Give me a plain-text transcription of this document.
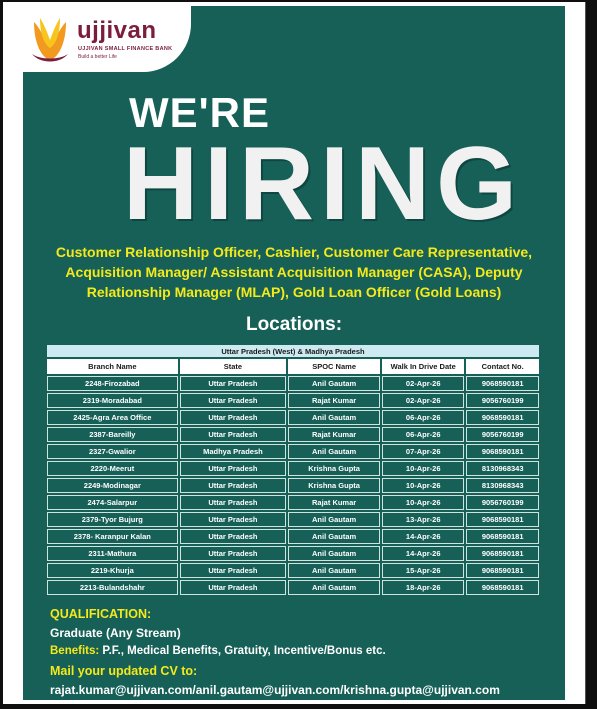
ujjivan
UJJIVAN SMALL FINANCE BANK
Build a better Life
WE'RE
HIRING
Customer Relationship Officer, Cashier, Customer Care Representative, Acquisition Manager/ Assistant Acquisition Manager (CASA), Deputy Relationship Manager (MLAP), Gold Loan Officer (Gold Loans)
Locations:
Uttar Pradesh (West) & Madhya Pradesh				
Branch Name	State	SPOC Name	Walk In Drive Date	Contact No.
2248-Firozabad	Uttar Pradesh	Anil Gautam	02-Apr-26	9068590181
2319-Moradabad	Uttar Pradesh	Rajat Kumar	02-Apr-26	9056760199
2425-Agra Area Office	Uttar Pradesh	Anil Gautam	06-Apr-26	9068590181
2387-Bareilly	Uttar Pradesh	Rajat Kumar	06-Apr-26	9056760199
2327-Gwalior	Madhya Pradesh	Anil Gautam	07-Apr-26	9068590181
2220-Meerut	Uttar Pradesh	Krishna Gupta	10-Apr-26	8130968343
2249-Modinagar	Uttar Pradesh	Krishna Gupta	10-Apr-26	8130968343
2474-Salarpur	Uttar Pradesh	Rajat Kumar	10-Apr-26	9056760199
2379-Tyor Bujurg	Uttar Pradesh	Anil Gautam	13-Apr-26	9068590181
2378- Karanpur Kalan	Uttar Pradesh	Anil Gautam	14-Apr-26	9068590181
2311-Mathura	Uttar Pradesh	Anil Gautam	14-Apr-26	9068590181
2219-Khurja	Uttar Pradesh	Anil Gautam	15-Apr-26	9068590181
2213-Bulandshahr	Uttar Pradesh	Anil Gautam	18-Apr-26	9068590181
QUALIFICATION:
Graduate (Any Stream)
Benefits: P.F., Medical Benefits, Gratuity, Incentive/Bonus etc.
Mail your updated CV to:
rajat.kumar@ujjivan.com/anil.gautam@ujjivan.com/krishna.gupta@ujjivan.com
